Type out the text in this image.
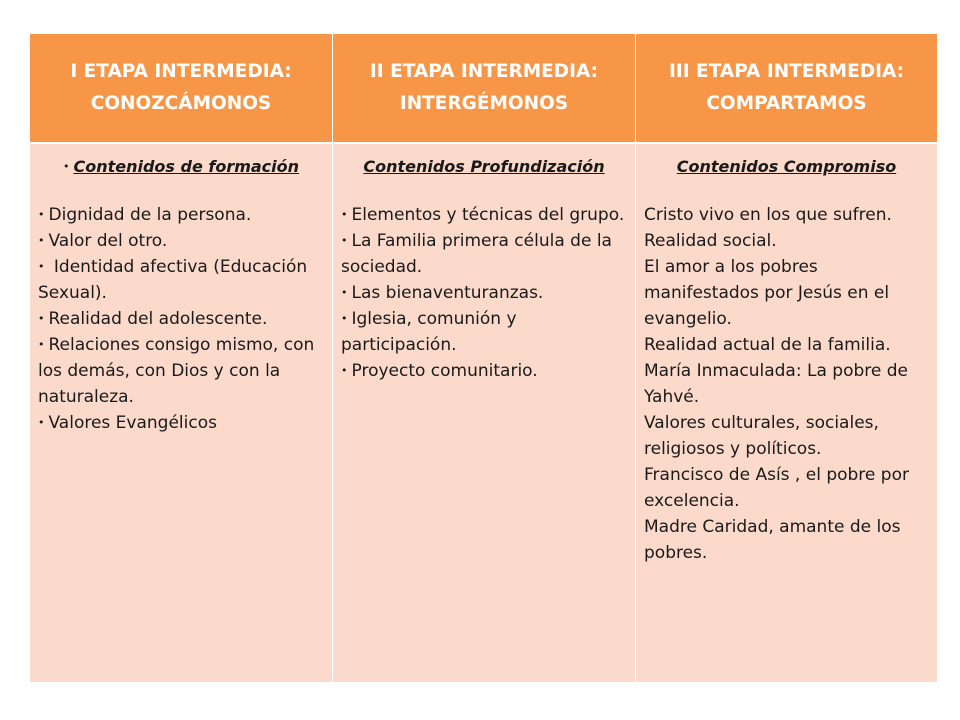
I ETAPA INTERMEDIA:
CONOZCÁMONOS
II ETAPA INTERMEDIA:
INTERGÉMONOS
III ETAPA INTERMEDIA:
COMPARTAMOS
• Contenidos de formación
• Dignidad de la persona.
• Valor del otro.
• Identidad afectiva (Educación Sexual).
• Realidad del adolescente.
• Relaciones consigo mismo, con los demás, con Dios y con la naturaleza.
• Valores Evangélicos
Contenidos Profundización
• Elementos y técnicas del grupo.
• La Familia primera célula de la sociedad.
• Las bienaventuranzas.
• Iglesia, comunión y participación.
• Proyecto comunitario.
Contenidos Compromiso
Cristo vivo en los que sufren.
Realidad social.
El amor a los pobres manifestados por Jesús en el evangelio.
Realidad actual de la familia.
María Inmaculada: La pobre de Yahvé.
Valores culturales, sociales, religiosos y políticos.
Francisco de Asís , el pobre por excelencia.
Madre Caridad, amante de los pobres.
